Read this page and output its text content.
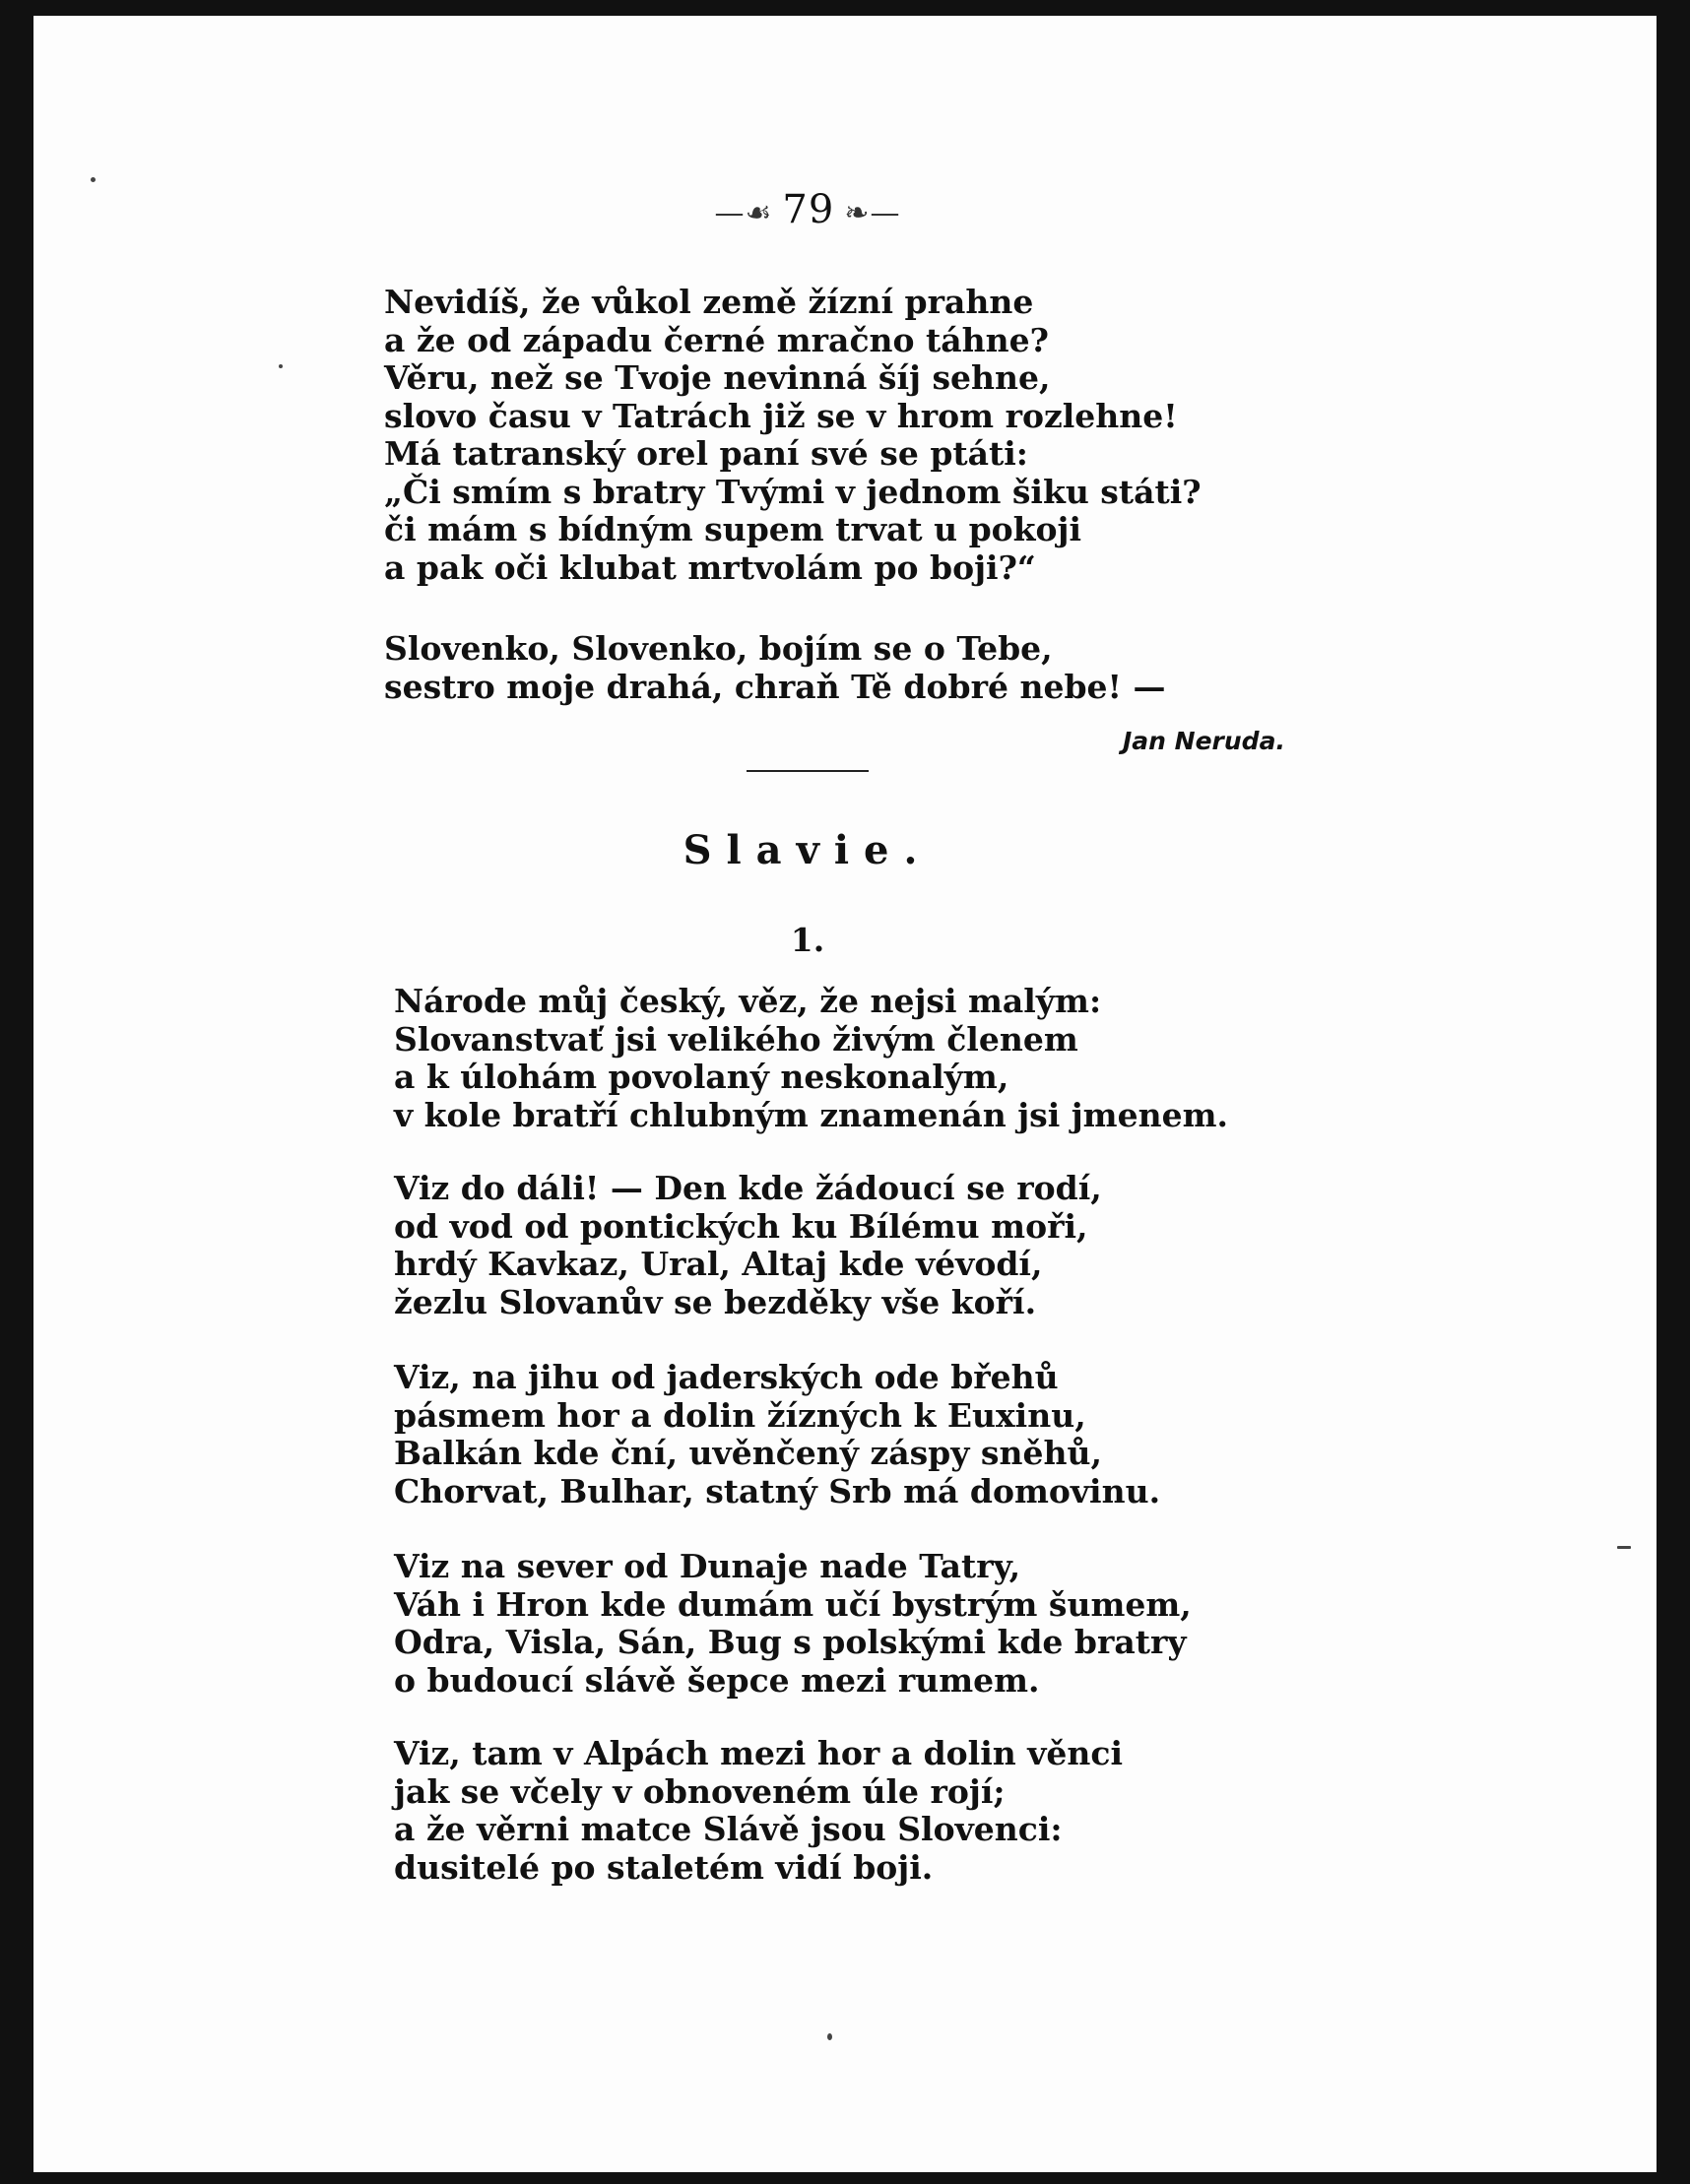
—☙ 79 ❧—
Nevidíš, že vůkol země žízní prahne
a že od západu černé mračno táhne?
Věru, než se Tvoje nevinná šíj sehne,
slovo času v Tatrách již se v hrom rozlehne!
Má tatranský orel paní své se ptáti:
„Či smím s bratry Tvými v jednom šiku státi?
či mám s bídným supem trvat u pokoji
a pak oči klubat mrtvolám po boji?“
Slovenko, Slovenko, bojím se o Tebe,
sestro moje drahá, chraň Tě dobré nebe! —
Jan Neruda.
Slavie.
1.
Národe můj český, věz, že nejsi malým:
Slovanstvať jsi velikého živým členem
a k úlohám povolaný neskonalým,
v kole bratří chlubným znamenán jsi jmenem.
Viz do dáli! — Den kde žádoucí se rodí,
od vod od pontických ku Bílému moři,
hrdý Kavkaz, Ural, Altaj kde vévodí,
žezlu Slovanův se bezděky vše koří.
Viz, na jihu od jaderských ode břehů
pásmem hor a dolin žízných k Euxinu,
Balkán kde ční, uvěnčený záspy sněhů,
Chorvat, Bulhar, statný Srb má domovinu.
Viz na sever od Dunaje nade Tatry,
Váh i Hron kde dumám učí bystrým šumem,
Odra, Visla, Sán, Bug s polskými kde bratry
o budoucí slávě šepce mezi rumem.
Viz, tam v Alpách mezi hor a dolin věnci
jak se včely v obnoveném úle rojí;
a že věrni matce Slávě jsou Slovenci:
dusitelé po staletém vidí boji.
